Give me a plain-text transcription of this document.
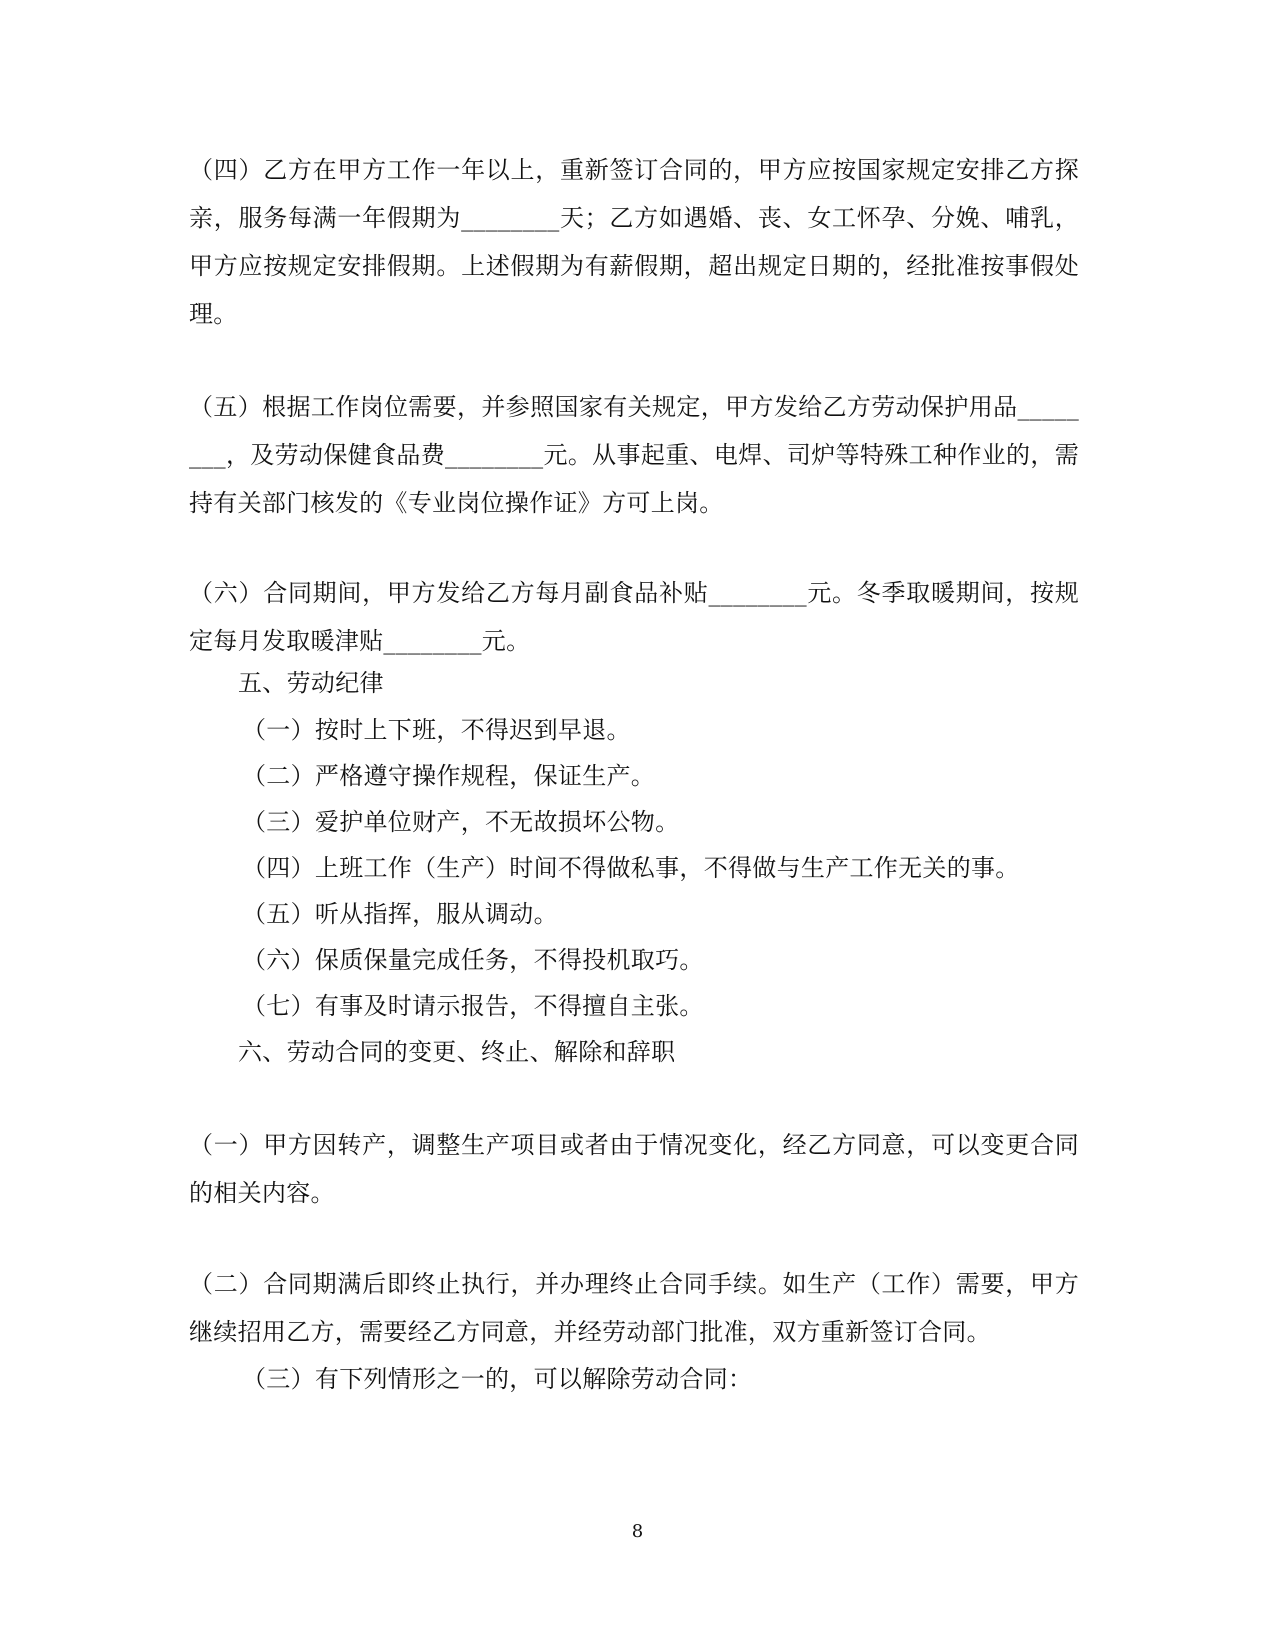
（四）乙方在甲方工作一年以上，重新签订合同的，甲方应按国家规定安排乙方探亲，服务每满一年假期为________天；乙方如遇婚、丧、女工怀孕、分娩、哺乳，甲方应按规定安排假期。上述假期为有薪假期，超出规定日期的，经批准按事假处理。

（五）根据工作岗位需要，并参照国家有关规定，甲方发给乙方劳动保护用品________，及劳动保健食品费________元。从事起重、电焊、司炉等特殊工种作业的，需持有关部门核发的《专业岗位操作证》方可上岗。

（六）合同期间，甲方发给乙方每月副食品补贴________元。冬季取暖期间，按规定每月发取暖津贴________元。

五、劳动纪律

（一）按时上下班，不得迟到早退。

（二）严格遵守操作规程，保证生产。

（三）爱护单位财产，不无故损坏公物。

（四）上班工作（生产）时间不得做私事，不得做与生产工作无关的事。

（五）听从指挥，服从调动。

（六）保质保量完成任务，不得投机取巧。

（七）有事及时请示报告，不得擅自主张。

六、劳动合同的变更、终止、解除和辞职

（一）甲方因转产，调整生产项目或者由于情况变化，经乙方同意，可以变更合同的相关内容。

（二）合同期满后即终止执行，并办理终止合同手续。如生产（工作）需要，甲方继续招用乙方，需要经乙方同意，并经劳动部门批准，双方重新签订合同。

（三）有下列情形之一的，可以解除劳动合同：

8
